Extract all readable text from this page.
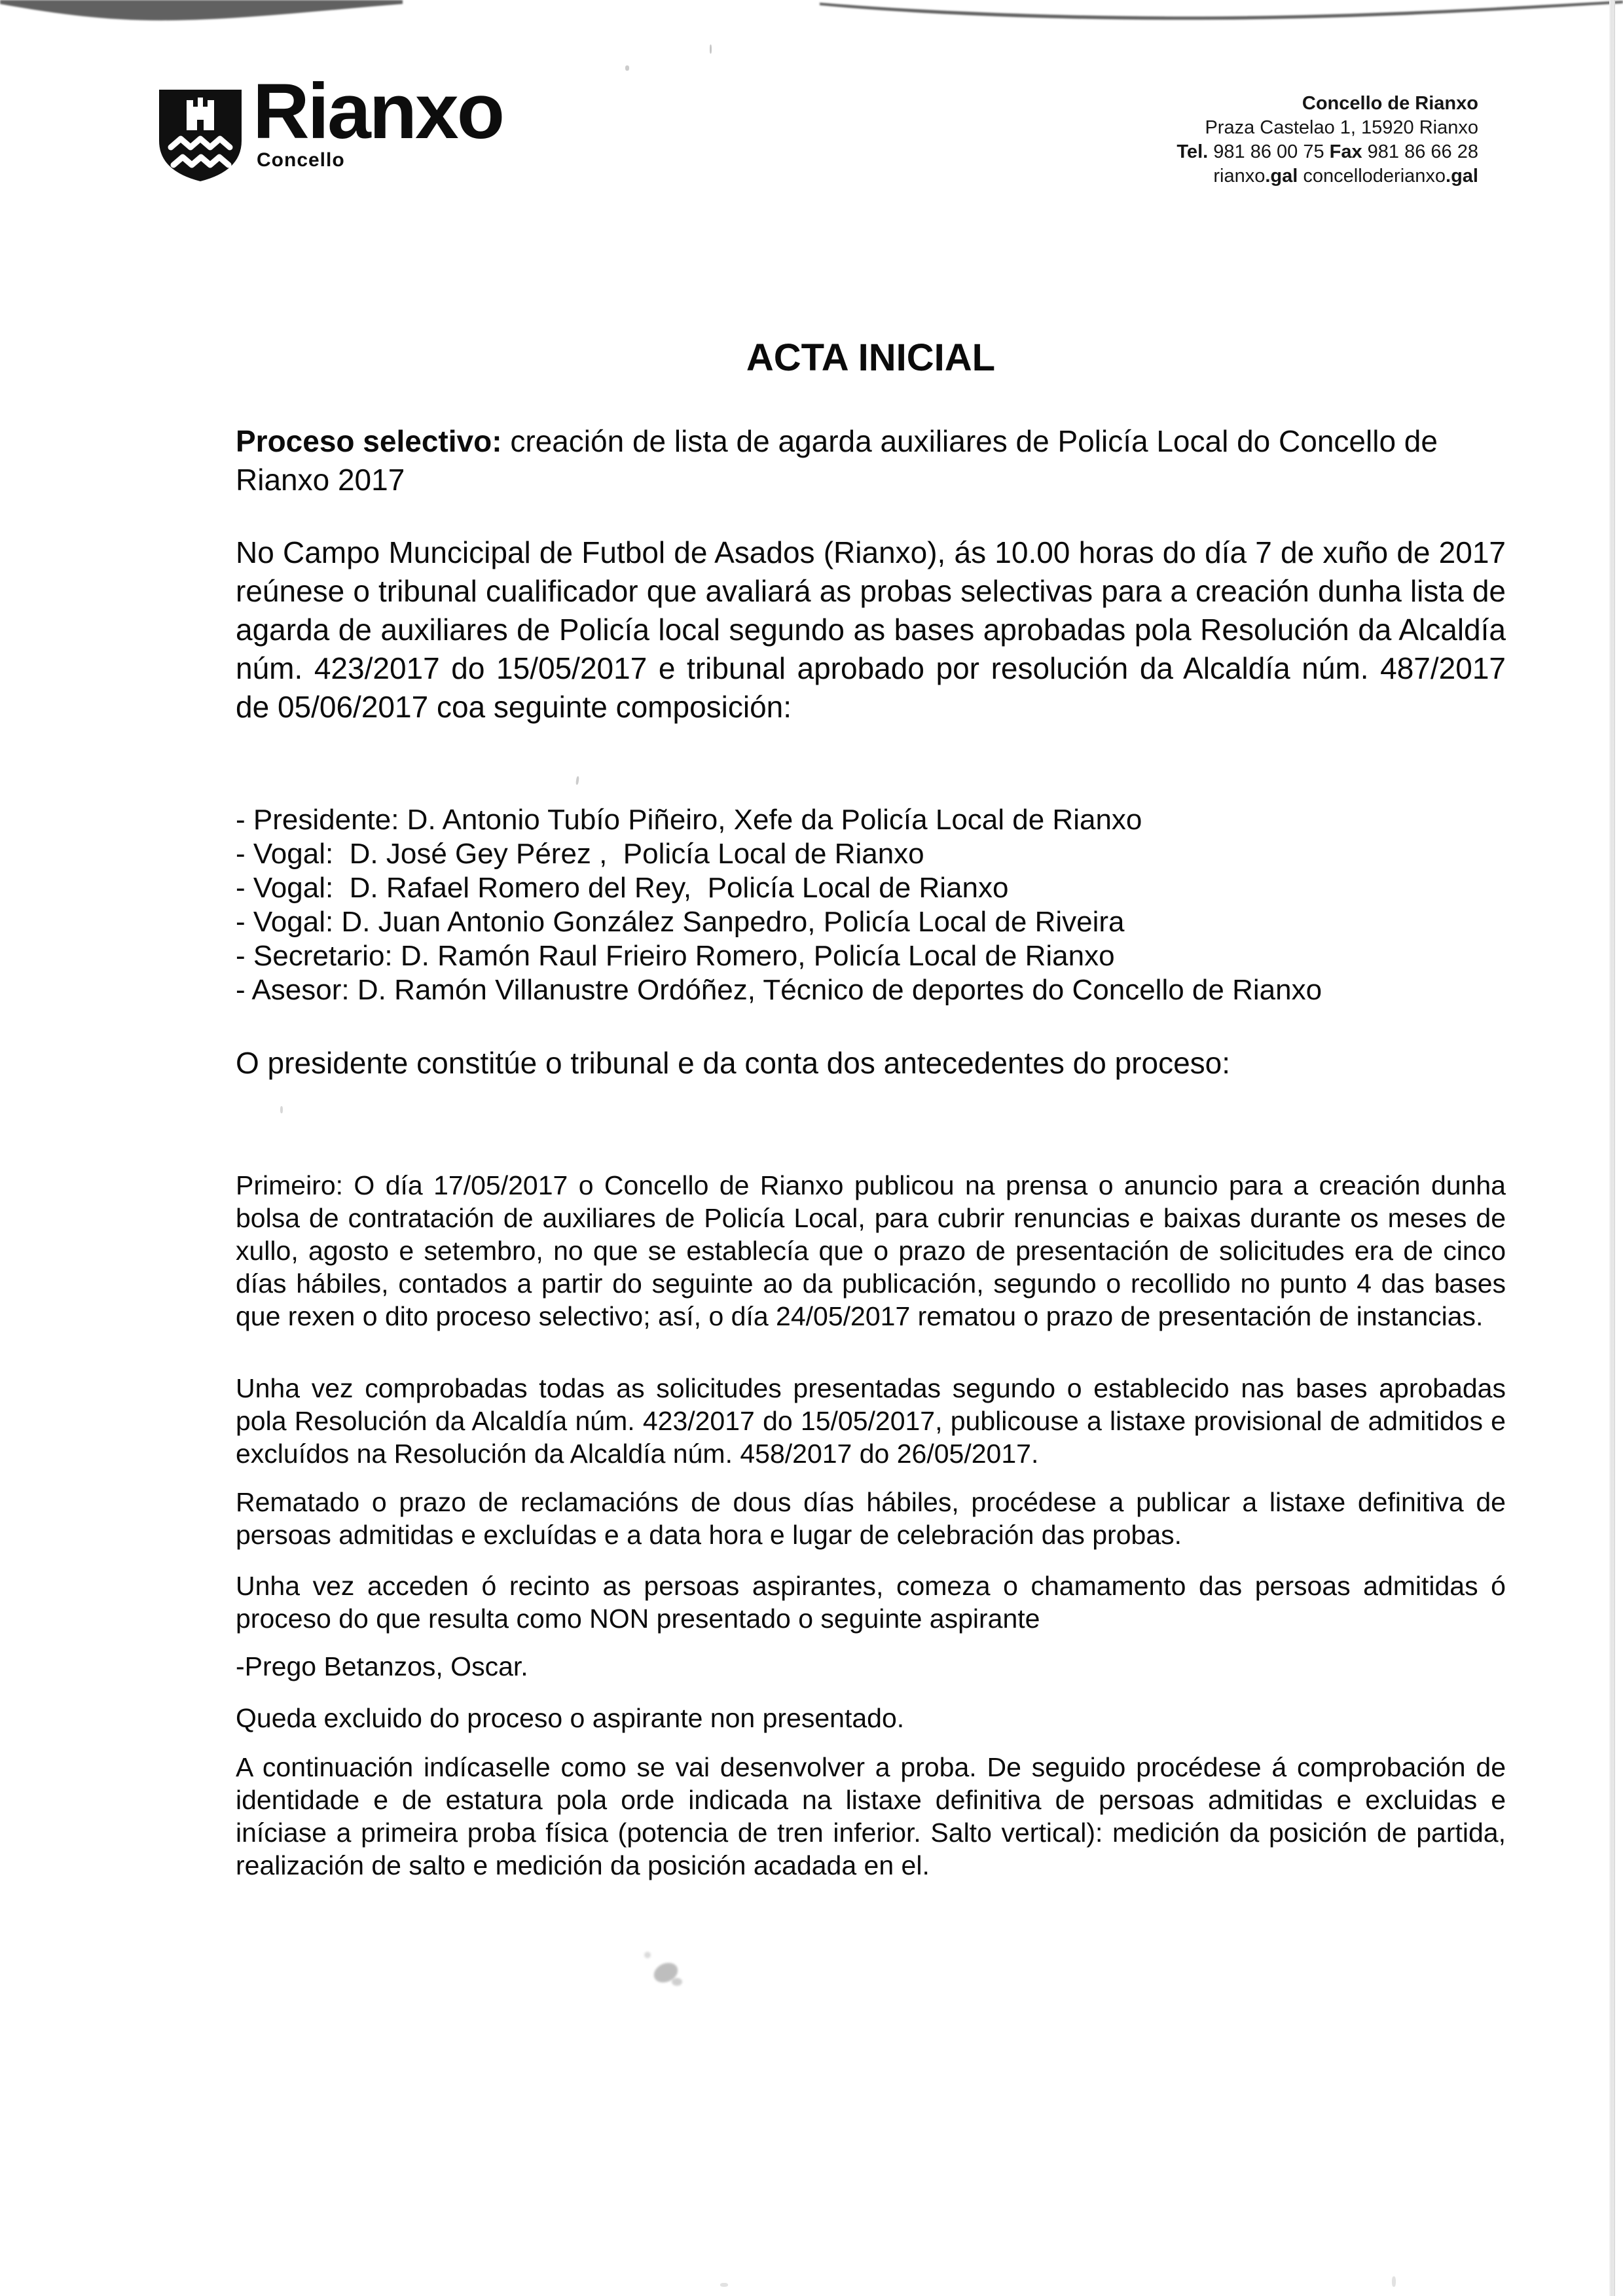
Rianxo
Concello
Concello de Rianxo
Praza Castelao 1, 15920 Rianxo
Tel. 981 86 00 75 Fax 981 86 66 28
rianxo.gal concelloderianxo.gal
ACTA INICIAL

Proceso selectivo: creación de lista de agarda auxiliares de Policía Local do Concello de Rianxo 2017

No Campo Muncicipal de Futbol de Asados (Rianxo), ás 10.00 horas do día 7 de xuño de 2017 reúnese o tribunal cualificador que avaliará as probas selectivas para a creación dunha lista de agarda de auxiliares de Policía local segundo as bases aprobadas pola Resolución da Alcaldía núm. 423/2017 do 15/05/2017 e tribunal aprobado por resolución da Alcaldía núm. 487/2017 de 05/06/2017 coa seguinte composición:

- Presidente: D. Antonio Tubío Piñeiro, Xefe da Policía Local de Rianxo
- Vogal:  D. José Gey Pérez ,  Policía Local de Rianxo
- Vogal:  D. Rafael Romero del Rey,  Policía Local de Rianxo
- Vogal: D. Juan Antonio González Sanpedro, Policía Local de Riveira
- Secretario: D. Ramón Raul Frieiro Romero, Policía Local de Rianxo
- Asesor: D. Ramón Villanustre Ordóñez, Técnico de deportes do Concello de Rianxo

O presidente constitúe o tribunal e da conta dos antecedentes do proceso:

Primeiro: O día 17/05/2017 o Concello de Rianxo publicou na prensa o anuncio para a creación dunha bolsa de contratación de auxiliares de Policía Local, para cubrir renuncias e baixas durante os meses de xullo, agosto e setembro, no que se establecía que o prazo de presentación de solicitudes era de cinco días hábiles, contados a partir do seguinte ao da publicación, segundo o recollido no punto 4 das bases que rexen o dito proceso selectivo; así, o día 24/05/2017 rematou o prazo de presentación de instancias.

Unha vez comprobadas todas as solicitudes presentadas segundo o establecido nas bases aprobadas pola Resolución da Alcaldía núm. 423/2017 do 15/05/2017, publicouse a listaxe provisional de admitidos e excluídos na Resolución da Alcaldía núm. 458/2017 do 26/05/2017.

Rematado o prazo de reclamacións de dous días hábiles, procédese a publicar a listaxe definitiva de persoas admitidas e excluídas e a data hora e lugar de celebración das probas.

Unha vez acceden ó recinto as persoas aspirantes, comeza o chamamento das persoas admitidas ó proceso do que resulta como NON presentado o seguinte aspirante

-Prego Betanzos, Oscar.

Queda excluido do proceso o aspirante non presentado.

A continuación indícaselle como se vai desenvolver a proba. De seguido procédese á comprobación de identidade e de estatura pola orde indicada na listaxe definitiva de persoas admitidas e excluidas e iníciase a primeira proba física (potencia de tren inferior. Salto vertical): medición da posición de partida, realización de salto e medición da posición acadada en el.
